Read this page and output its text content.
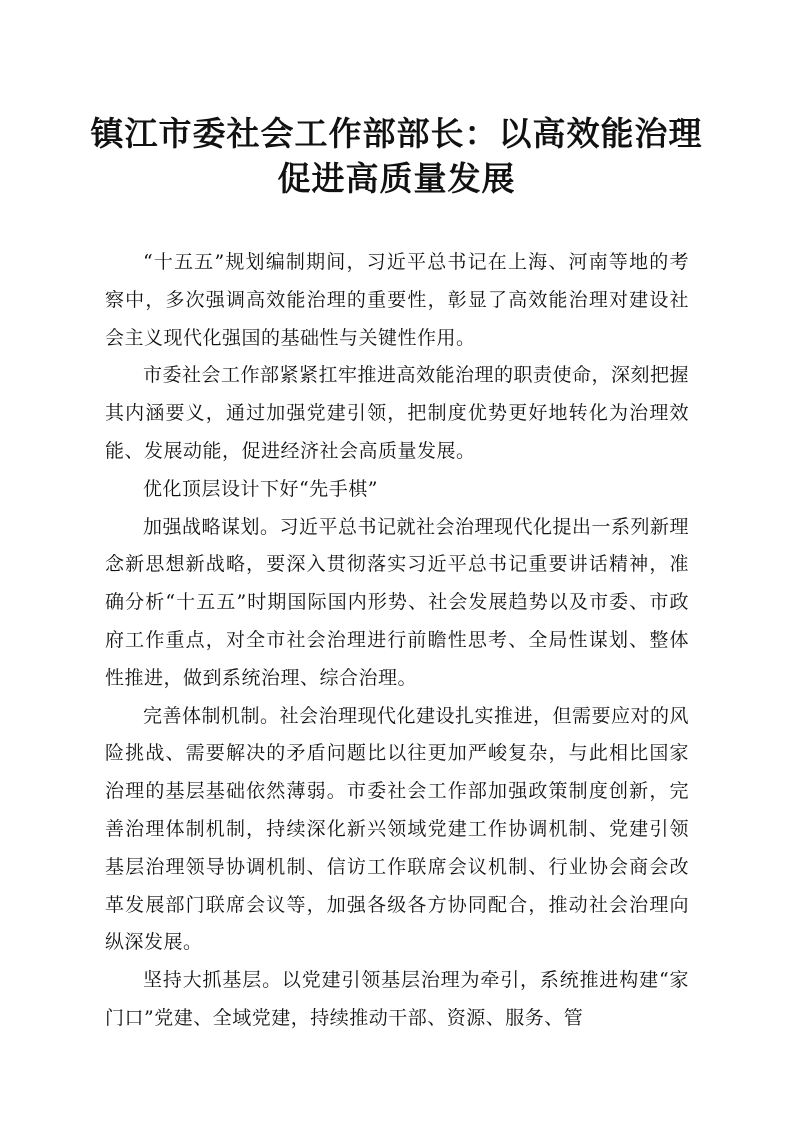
镇江市委社会工作部部长：以高效能治理
促进高质量发展

“十五五”规划编制期间，习近平总书记在上海、河南等地的考察中，多次强调高效能治理的重要性，彰显了高效能治理对建设社会主义现代化强国的基础性与关键性作用。

市委社会工作部紧紧扛牢推进高效能治理的职责使命，深刻把握其内涵要义，通过加强党建引领，把制度优势更好地转化为治理效能、发展动能，促进经济社会高质量发展。

优化顶层设计下好“先手棋”

加强战略谋划。习近平总书记就社会治理现代化提出一系列新理念新思想新战略，要深入贯彻落实习近平总书记重要讲话精神，准确分析“十五五”时期国际国内形势、社会发展趋势以及市委、市政府工作重点，对全市社会治理进行前瞻性思考、全局性谋划、整体性推进，做到系统治理、综合治理。

完善体制机制。社会治理现代化建设扎实推进，但需要应对的风险挑战、需要解决的矛盾问题比以往更加严峻复杂，与此相比国家治理的基层基础依然薄弱。市委社会工作部加强政策制度创新，完善治理体制机制，持续深化新兴领域党建工作协调机制、党建引领基层治理领导协调机制、信访工作联席会议机制、行业协会商会改革发展部门联席会议等，加强各级各方协同配合，推动社会治理向纵深发展。

坚持大抓基层。以党建引领基层治理为牵引，系统推进构建“家门口”党建、全域党建，持续推动干部、资源、服务、管
